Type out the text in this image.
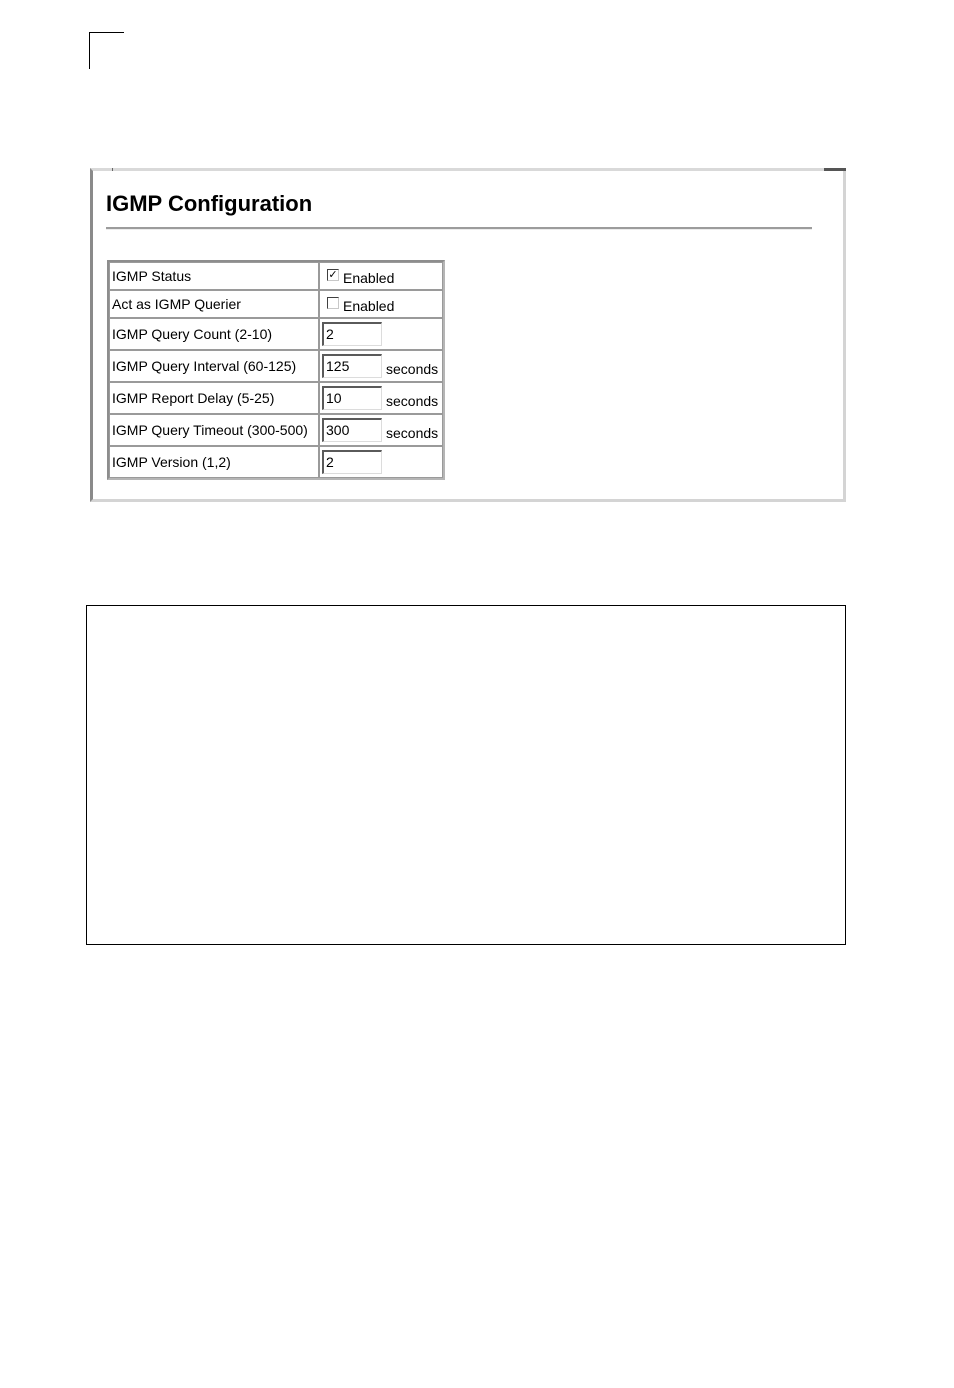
IGMP Configuration
IGMP Status	✓ Enabled
Act as IGMP Querier	Enabled
IGMP Query Count (2-10)	2
IGMP Query Interval (60-125)	125 seconds
IGMP Report Delay (5-25)	10 seconds
IGMP Query Timeout (300-500)	300 seconds
IGMP Version (1,2)	2
